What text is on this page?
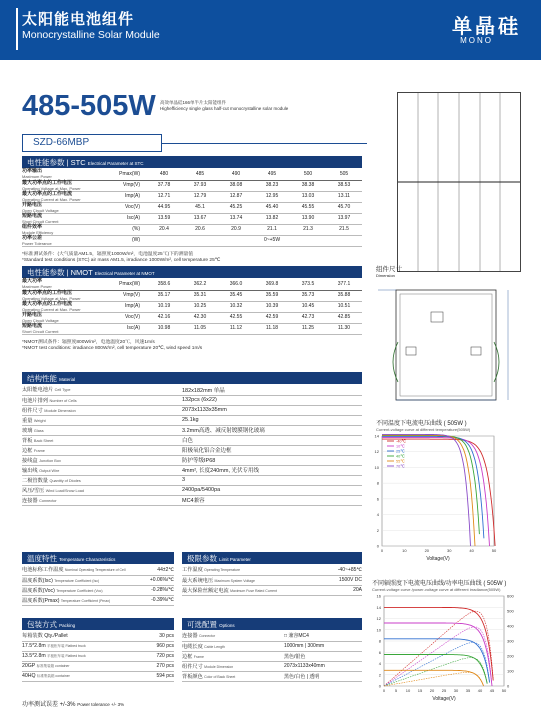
太阳能电池组件
Monocrystalline Solar Module	单晶硅
MONO
485-505W 高效单晶硅166单半片太阳能组件
Highefficiency single glass half-cut monocrystalline solar module
SZD-66MBP
电性能参数 | STC Electrical Parameter at STC
功率输出
Maximum Power	Pmax(W)	480	485	490	495	500	505
最大功率点的工作电压
Operating Voltage at Max. Power	Vmp(V)	37.78	37.93	38.08	38.23	38.38	38.53
最大功率点的工作电流
Operating Current at Max. Power	Imp(A)	12.71	12.79	12.87	12.95	13.03	13.11
开路电压
Open Circuit Voltage	Voc(V)	44.95	45.1	45.25	45.40	45.55	45.70
短路电流
Short Circuit Current	Isc(A)	13.59	13.67	13.74	13.82	13.90	13.97
组件效率
Module Efficiency	(%)	20.4	20.6	20.9	21.1	21.3	21.5
功率公差
Power Tolerance	(W)				0~+5W		
*标准测试条件：(大气质量AM1.5，辐照度1000W/m²，电池温度25℃)下的测量值
*Standard test conditions (STC) air mass AM1.5, irradiance 1000W/m², cell temperature 25℃
电性能参数 | NMOT Electrical Parameter at NMOT
最大功率
Maximum Power	Pmax(W)	358.6	362.2	366.0	369.8	373.5	377.1
最大功率点的工作电压
Operating Voltage at Max. Power	Vmp(V)	35.17	35.31	35.45	35.59	35.73	35.88
最大功率点的工作电流
Operating Current at Max. Power	Imp(A)	10.19	10.25	10.32	10.39	10.45	10.51
开路电压
Open Circuit Voltage	Voc(V)	42.16	42.30	42.55	42.59	42.73	42.85
短路电流
Short Circuit Current	Isc(A)	10.98	11.05	11.12	11.18	11.25	11.30
*NMOT测试条件：辐照度800W/m²，电池温度20℃，风速1m/s
*NMOT test conditions: irradiance 800W/m², cell temperature 20℃, wind speed 1m/s
结构性能 Material
太阳能电池片 Cell Type	182x182mm 单晶
电池片排列 Number of Cells	132pcs (6x22)
组件尺寸 Module Dimension	2073x1133x35mm
重量 Weight	25.1kg
玻璃 Glass	3.2mm高透、减反射镀膜钢化玻璃
背板 Back Sheet	白色
边框 Frame	阳极氧化铝合金边框
接线盒 Junction Box	防护等级IP68
输出线 Output Wire	4mm², 长度240mm, 光伏专用线
二极管数量 Quantity of Diodes	3
风压/雪压 Wind Load/Snow Load	2400pa/5400pa
连接器 Connector	MC4兼容
温度特性 Temperature Characteristics
电池标称工作温度 Nominal Operating Temperature of Cell	44±2℃
温度系数(Isc) Temperature Coefficient (Isc)	+0.06%/℃
温度系数(Voc) Temperature Coefficient (Voc)	-0.28%/℃
温度系数(Pmax) Temperature Coefficient (Pmax)	-0.39%/℃
极限参数 Limit Parameter
工作温度 Operating Temperature	-40~+85℃
最大系统电压 Maximum System Voltage	1500V DC
最大保险丝额定电流 Maximum Fuse Rated Current	20A
包装方式 Packing
每箱装数 Qty./Pallet	30 pcs
17.5*2.8m 平板柜车装 Flatbed truck	960 pcs
13.5*2.8m 平板柜车装 Flatbed truck	720 pcs
20GP 标准集装箱 container	270 pcs
40HQ 标准集装箱 container	594 pcs
可选配置 Options
连接器 Connector	□ 兼容MC4
电缆长度 Cable Length	1000mm | 300mm
边框 Frame	黑色/银色
组件尺寸 Module Dimension	2073x1133x40mm
背板颜色 Color of Back Sheet	黑色/白色 | 透明
功率测试误差 +/-3% Power tolerance +/- 3%
组件尺寸
Dimension
不同温度下电流电压曲线 ( 505W )
Current-voltage curve at different temperature(505W)
0
2
4
6
8
10
12
14
0	10	20	30	40	50
Voltage(V)
-40℃
10℃
25℃
40℃
55℃
70℃
不同辐照度下电流电压曲线/功率电压曲线 ( 505W )
Current-voltage curve /power-voltage curve at different irradiance(505W)
0
2
4
6
8
10
12
14
16
0 5 10 15 20 25 30 35 40 45 50
0
100
200
300
400
500
600
Voltage(V)
